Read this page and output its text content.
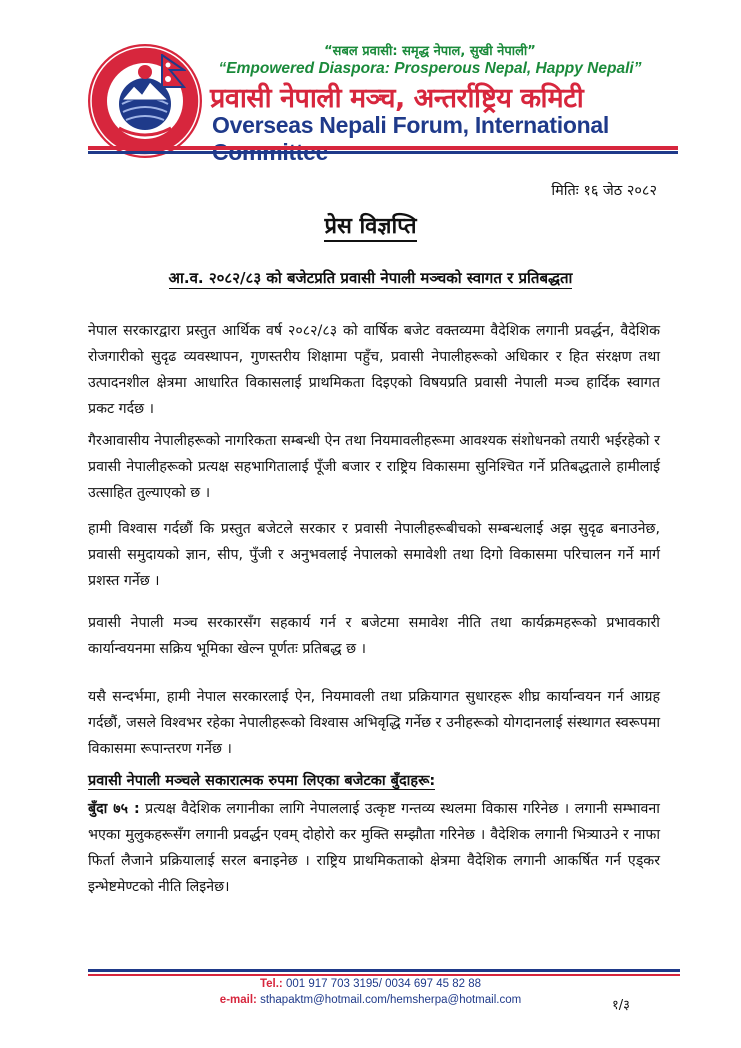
“सबल प्रवासी: समृद्ध नेपाल, सुखी नेपाली”
“Empowered Diaspora: Prosperous Nepal, Happy Nepali”
प्रवासी नेपाली मञ्च, अन्तर्राष्ट्रिय कमिटी
Overseas Nepali Forum, International
मितिः १६ जेठ २०८२
प्रेस विज्ञप्ति
आ.व. २०८२/८३ को बजेटप्रति प्रवासी नेपाली मञ्चको स्वागत र प्रतिबद्धता

नेपाल सरकारद्वारा प्रस्तुत आर्थिक वर्ष २०८२/८३ को वार्षिक बजेट वक्तव्यमा वैदेशिक लगानी प्रवर्द्धन, वैदेशिक रोजगारीको सुदृढ व्यवस्थापन, गुणस्तरीय शिक्षामा पहुँच, प्रवासी नेपालीहरूको अधिकार र हित संरक्षण तथा उत्पादनशील क्षेत्रमा आधारित विकासलाई प्राथमिकता दिइएको विषयप्रति प्रवासी नेपाली मञ्च हार्दिक स्वागत प्रकट गर्दछ ।

गैरआवासीय नेपालीहरूको नागरिकता सम्बन्धी ऐन तथा नियमावलीहरूमा आवश्यक संशोधनको तयारी भईरहेको र प्रवासी नेपालीहरूको प्रत्यक्ष सहभागितालाई पूँजी बजार र राष्ट्रिय विकासमा सुनिश्चित गर्ने प्रतिबद्धताले हामीलाई उत्साहित तुल्याएको छ ।

हामी विश्वास गर्दछौं कि प्रस्तुत बजेटले सरकार र प्रवासी नेपालीहरूबीचको सम्बन्धलाई अझ सुदृढ बनाउनेछ, प्रवासी समुदायको ज्ञान, सीप, पुँजी र अनुभवलाई नेपालको समावेशी तथा दिगो विकासमा परिचालन गर्ने मार्ग प्रशस्त गर्नेछ ।

प्रवासी नेपाली मञ्च सरकारसँग सहकार्य गर्न र बजेटमा समावेश नीति तथा कार्यक्रमहरूको प्रभावकारी कार्यान्वयनमा सक्रिय भूमिका खेल्न पूर्णतः प्रतिबद्ध छ ।

यसै सन्दर्भमा, हामी नेपाल सरकारलाई ऐन, नियमावली तथा प्रक्रियागत सुधारहरू शीघ्र कार्यान्वयन गर्न आग्रह गर्दछौं, जसले विश्वभर रहेका नेपालीहरूको विश्वास अभिवृद्धि गर्नेछ र उनीहरूको योगदानलाई संस्थागत स्वरूपमा विकासमा रूपान्तरण गर्नेछ ।

प्रवासी नेपाली मञ्चले सकारात्मक रुपमा लिएका बजेटका बुँदाहरू:

बुँदा ७५ : प्रत्यक्ष वैदेशिक लगानीका लागि नेपाललाई उत्कृष्ट गन्तव्य स्थलमा विकास गरिनेछ । लगानी सम्भावना भएका मुलुकहरूसँग लगानी प्रवर्द्धन एवम् दोहोरो कर मुक्ति सम्झौता गरिनेछ । वैदेशिक लगानी भित्र्याउने र नाफा फिर्ता लैजाने प्रक्रियालाई सरल बनाइनेछ । राष्ट्रिय प्राथमिकताको क्षेत्रमा वैदेशिक लगानी आकर्षित गर्न एड्कर इन्भेष्टमेण्टको नीति लिइनेछ।

Tel.: 001 917 703 3195/ 0034 697 45 82 88
e-mail: sthapaktm@hotmail.com/hemsherpa@hotmail.com	१/३
